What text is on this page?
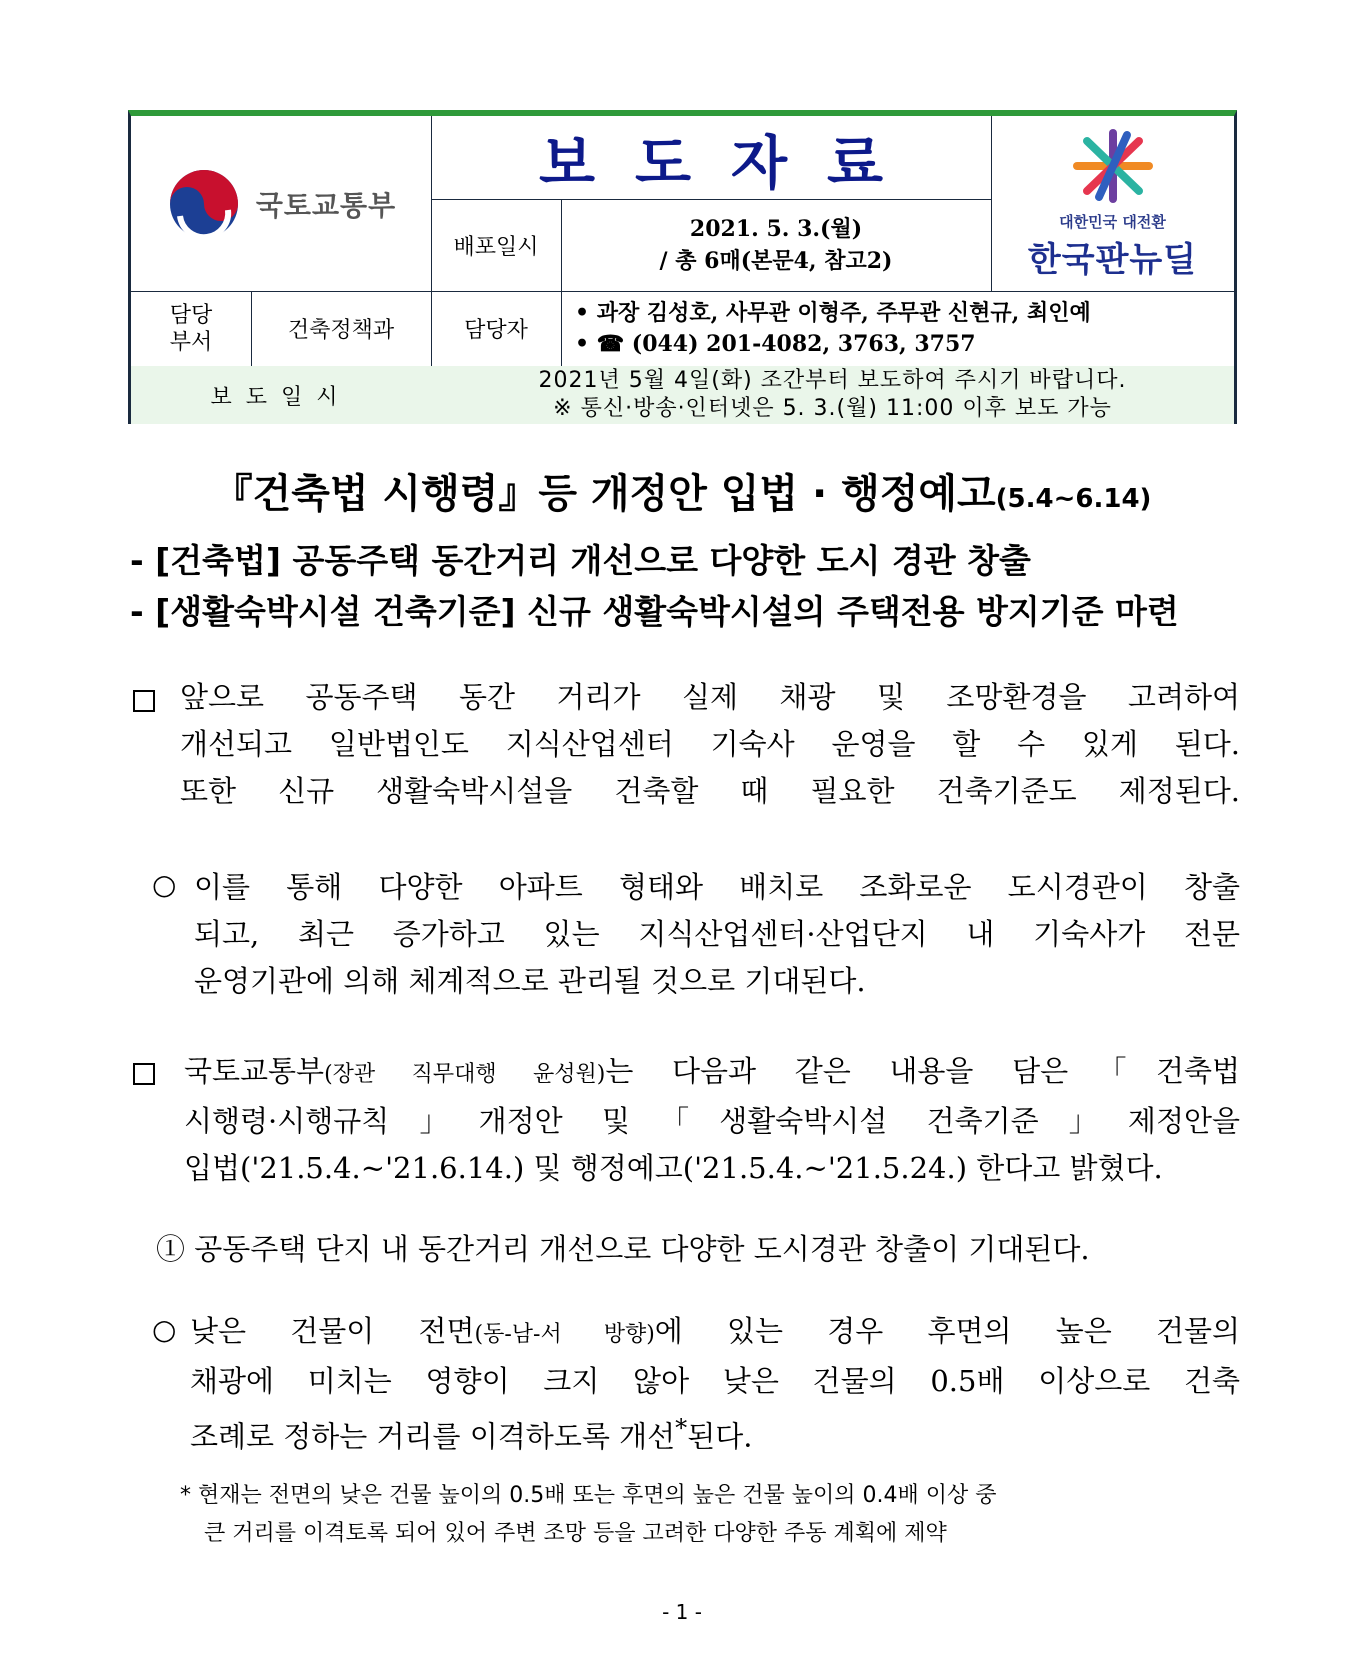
국토교통부
보도자료
배포일시
2021. 5. 3.(월)
/ 총 6매(본문4, 참고2)
대한민국 대전환
한국판뉴딜
담당
부서	건축정책과	담당자
• 과장 김성호, 사무관 이형주, 주무관 신현규, 최인예
• ☎ (044) 201-4082, 3763, 3757
보도일시
2021년 5월 4일(화) 조간부터 보도하여 주시기 바랍니다.
※ 통신·방송·인터넷은 5. 3.(월) 11:00 이후 보도 가능
『건축법 시행령』등 개정안 입법 · 행정예고(5.4~6.14)
- [건축법] 공동주택 동간거리 개선으로 다양한 도시 경관 창출
- [생활숙박시설 건축기준] 신규 생활숙박시설의 주택전용 방지기준 마련
앞으로 공동주택 동간 거리가 실제 채광 및 조망환경을 고려하여
개선되고 일반법인도 지식산업센터 기숙사 운영을 할 수 있게 된다.
또한 신규 생활숙박시설을 건축할 때 필요한 건축기준도 제정된다.
○ 이를 통해 다양한 아파트 형태와 배치로 조화로운 도시경관이 창출
되고, 최근 증가하고 있는 지식산업센터·산업단지 내 기숙사가 전문
운영기관에 의해 체계적으로 관리될 것으로 기대된다.
국토교통부(장관 직무대행 윤성원)는 다음과 같은 내용을 담은「건축법
시행령·시행규칙」개정안 및「생활숙박시설 건축기준」제정안을
입법('21.5.4.~'21.6.14.) 및 행정예고('21.5.4.~'21.5.24.) 한다고 밝혔다.
① 공동주택 단지 내 동간거리 개선으로 다양한 도시경관 창출이 기대된다.
○ 낮은 건물이 전면(동-남-서 방향)에 있는 경우 후면의 높은 건물의
채광에 미치는 영향이 크지 않아 낮은 건물의 0.5배 이상으로 건축
조례로 정하는 거리를 이격하도록 개선*된다.
* 현재는 전면의 낮은 건물 높이의 0.5배 또는 후면의 높은 건물 높이의 0.4배 이상 중
큰 거리를 이격토록 되어 있어 주변 조망 등을 고려한 다양한 주동 계획에 제약
- 1 -
